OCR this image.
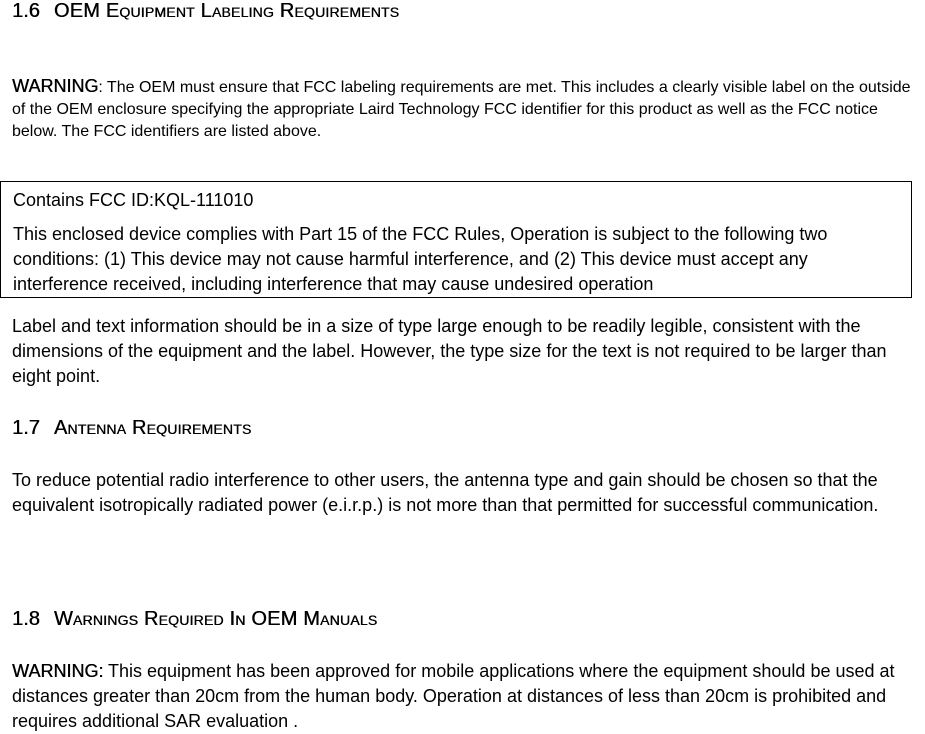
1.6 OEM Equipment Labeling Requirements

WARNING: The OEM must ensure that FCC labeling requirements are met. This includes a clearly visible label on the outside of the OEM enclosure specifying the appropriate Laird Technology FCC identifier for this product as well as the FCC notice below. The FCC identifiers are listed above.

Contains FCC ID:KQL-111010

This enclosed device complies with Part 15 of the FCC Rules, Operation is subject to the following two conditions: (1) This device may not cause harmful interference, and (2) This device must accept any interference received, including interference that may cause undesired operation

Label and text information should be in a size of type large enough to be readily legible, consistent with the dimensions of the equipment and the label. However, the type size for the text is not required to be larger than eight point.

1.7 Antenna Requirements

To reduce potential radio interference to other users, the antenna type and gain should be chosen so that the equivalent isotropically radiated power (e.i.r.p.) is not more than that permitted for successful communication.

1.8 Warnings Required In OEM Manuals

WARNING: This equipment has been approved for mobile applications where the equipment should be used at distances greater than 20cm from the human body. Operation at distances of less than 20cm is prohibited and requires additional SAR evaluation .
